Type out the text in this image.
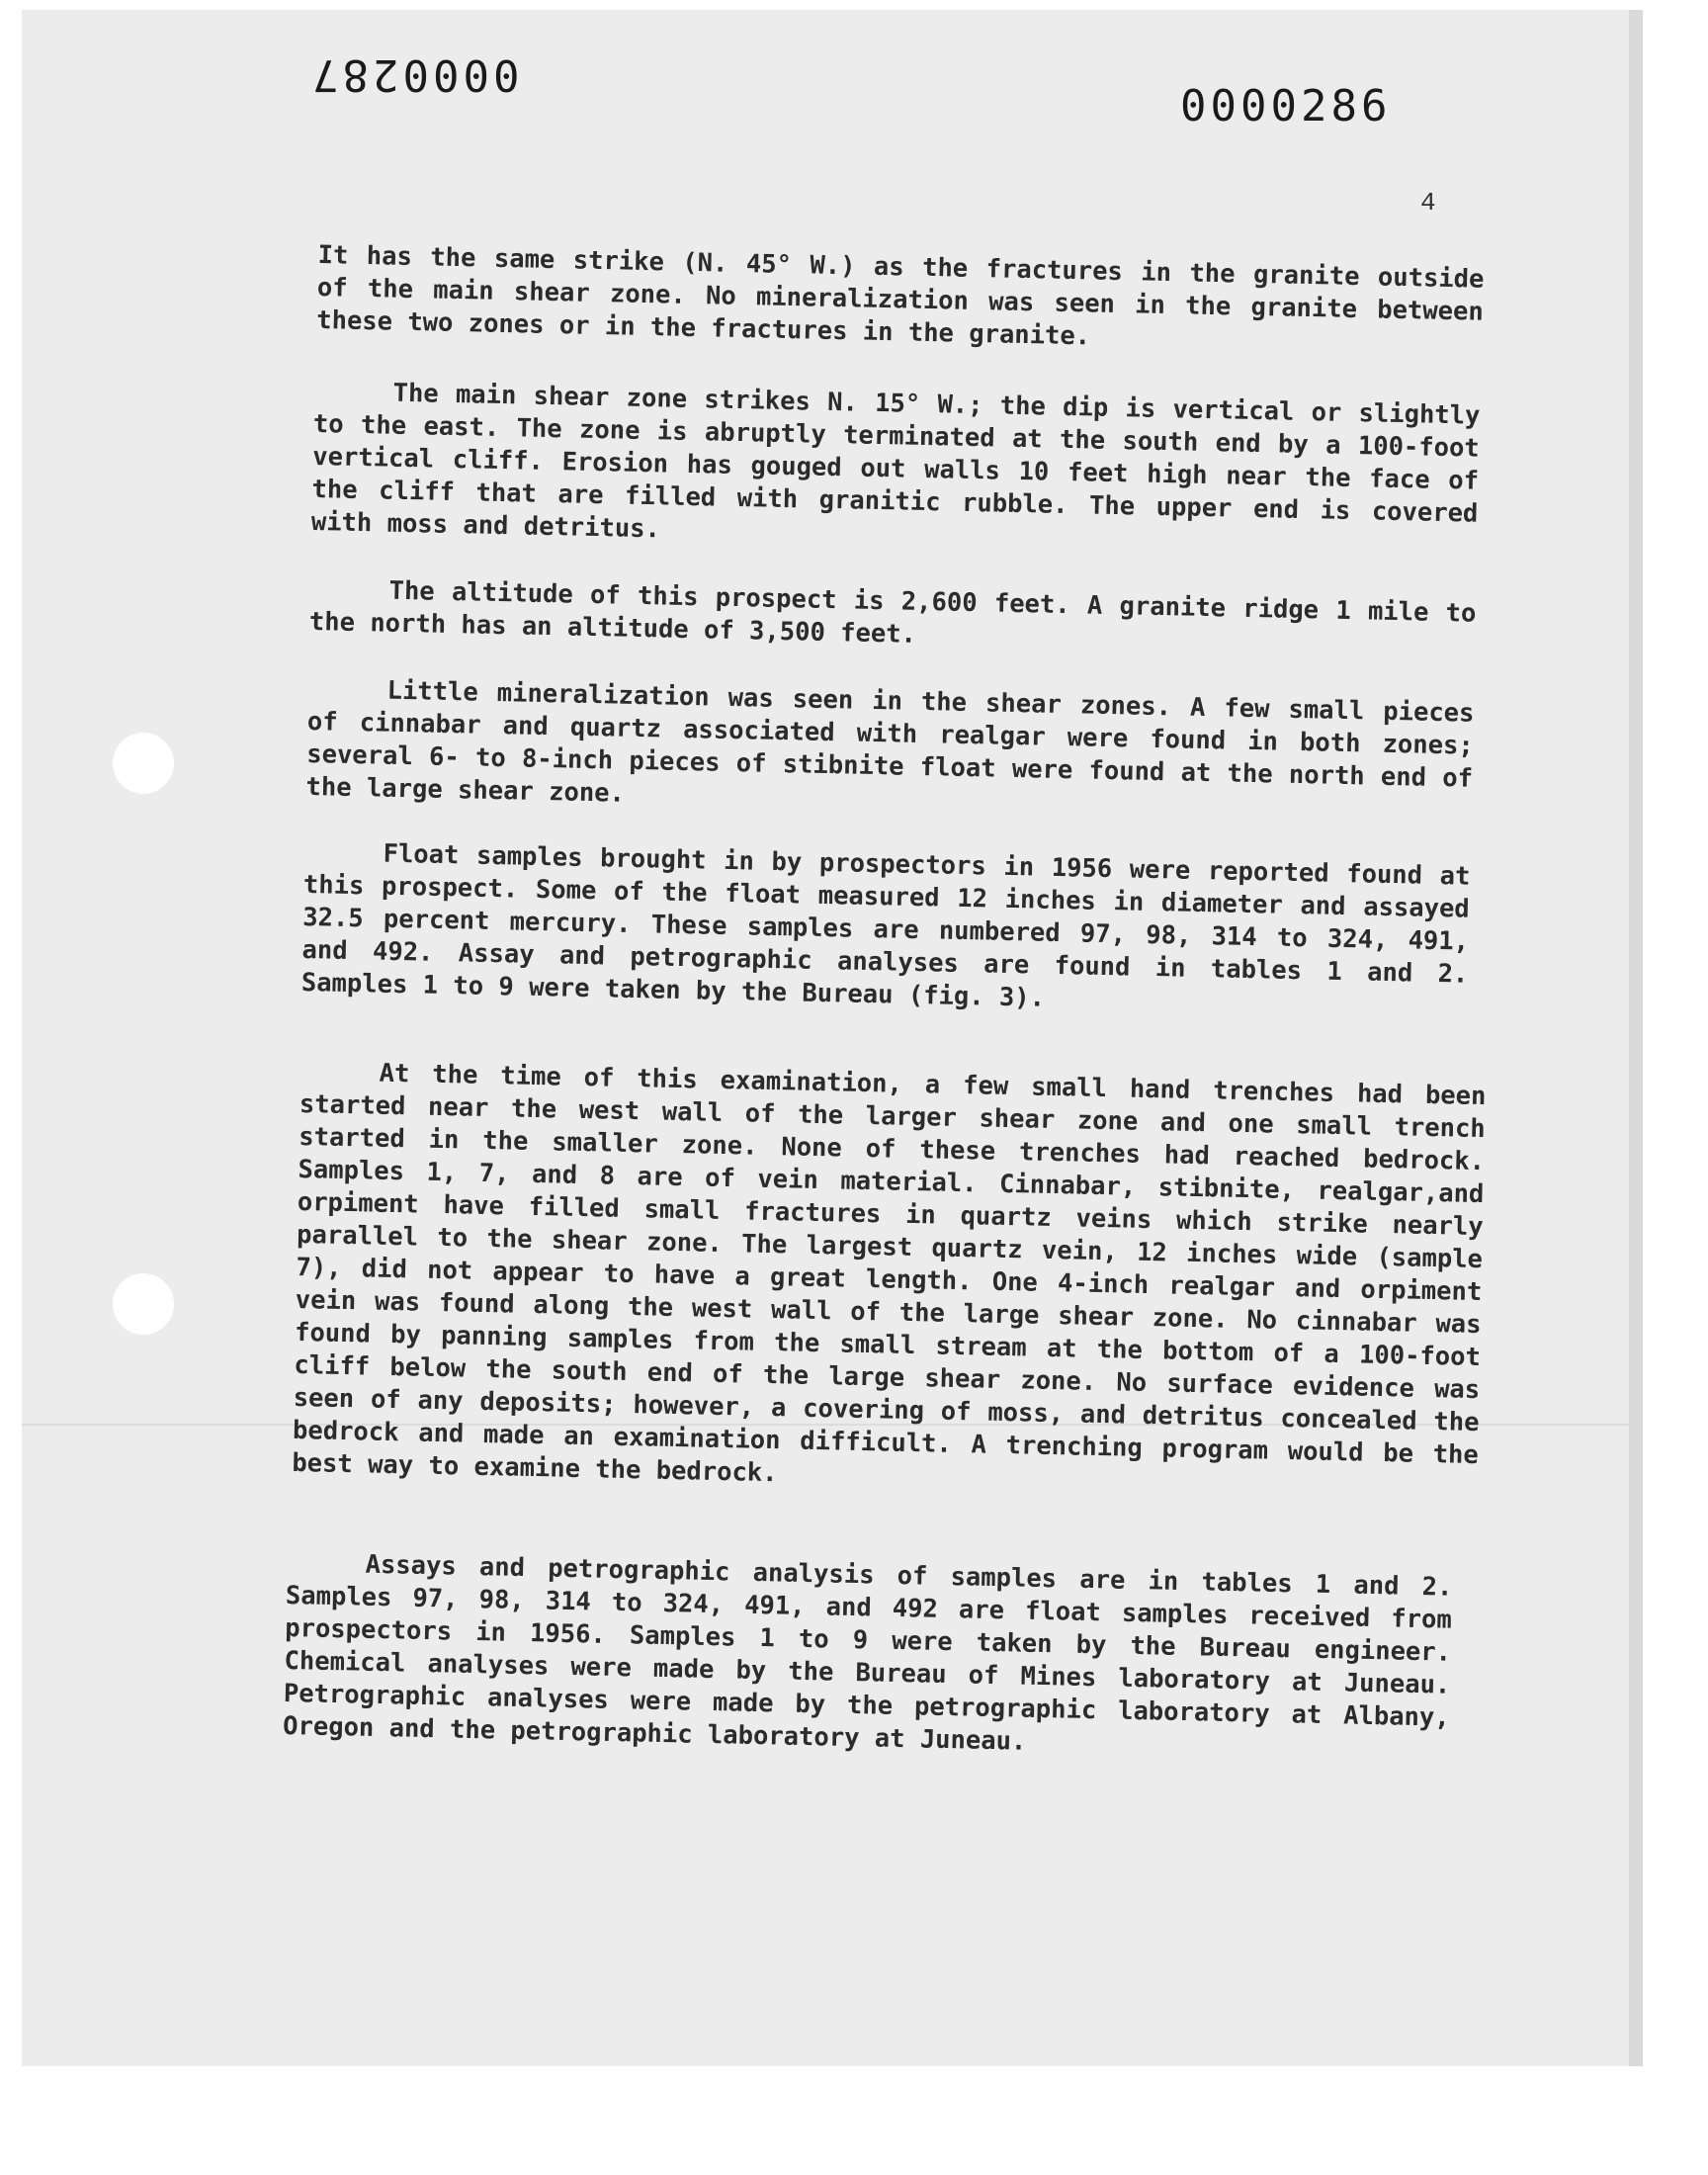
0000287
0000286
4

It has the same strike (N. 45° W.) as the fractures in the granite outside of the main shear zone. No mineralization was seen in the granite between these two zones or in the fractures in the granite.

The main shear zone strikes N. 15° W.; the dip is vertical or slightly to the east. The zone is abruptly terminated at the south end by a 100-foot vertical cliff. Erosion has gouged out walls 10 feet high near the face of the cliff that are filled with granitic rubble. The upper end is covered with moss and detritus.

The altitude of this prospect is 2,600 feet. A granite ridge 1 mile to the north has an altitude of 3,500 feet.

Little mineralization was seen in the shear zones. A few small pieces of cinnabar and quartz associated with realgar were found in both zones; several 6- to 8-inch pieces of stibnite float were found at the north end of the large shear zone.

Float samples brought in by prospectors in 1956 were reported found at this prospect. Some of the float measured 12 inches in diameter and assayed 32.5 percent mercury. These samples are numbered 97, 98, 314 to 324, 491, and 492. Assay and petrographic analyses are found in tables 1 and 2. Samples 1 to 9 were taken by the Bureau (fig. 3).

At the time of this examination, a few small hand trenches had been started near the west wall of the larger shear zone and one small trench started in the smaller zone. None of these trenches had reached bedrock. Samples 1, 7, and 8 are of vein material. Cinnabar, stibnite, realgar,and orpiment have filled small fractures in quartz veins which strike nearly parallel to the shear zone. The largest quartz vein, 12 inches wide (sample 7), did not appear to have a great length. One 4-inch realgar and orpiment vein was found along the west wall of the large shear zone. No cinnabar was found by panning samples from the small stream at the bottom of a 100-foot cliff below the south end of the large shear zone. No surface evidence was seen of any deposits; however, a covering of moss, and detritus concealed the bedrock and made an examination difficult. A trenching program would be the best way to examine the bedrock.

Assays and petrographic analysis of samples are in tables 1 and 2. Samples 97, 98, 314 to 324, 491, and 492 are float samples received from prospectors in 1956. Samples 1 to 9 were taken by the Bureau engineer. Chemical analyses were made by the Bureau of Mines laboratory at Juneau. Petrographic analyses were made by the petrographic laboratory at Albany, Oregon and the petrographic laboratory at Juneau.
